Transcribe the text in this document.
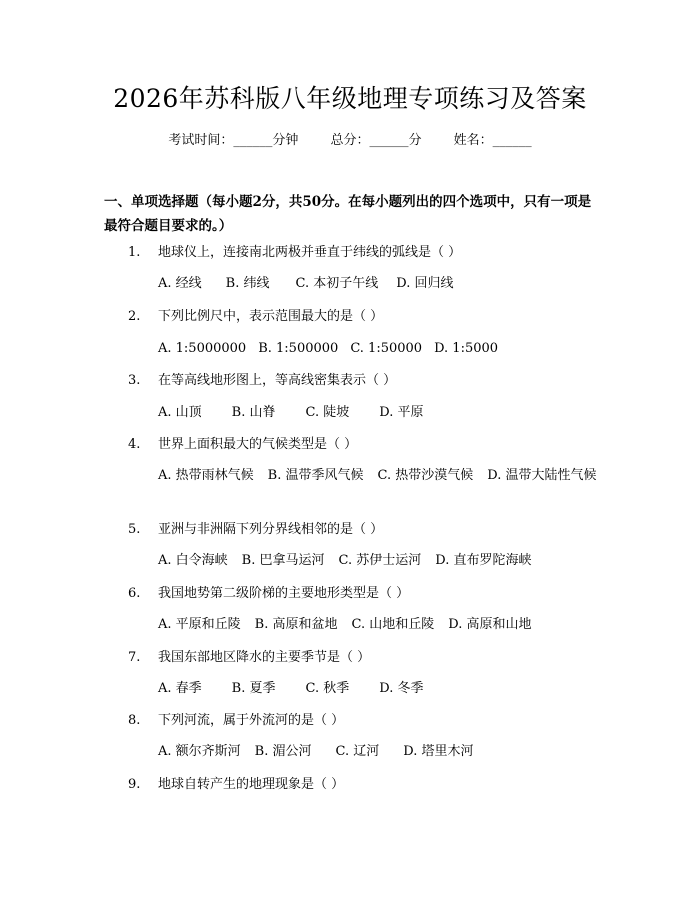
2026年苏科版八年级地理专项练习及答案
考试时间：______分钟 总分：______分 姓名：______
一、单项选择题（每小题2分，共50分。在每小题列出的四个选项中，只有一项是最符合题目要求的。）
1.	地球仪上，连接南北两极并垂直于纬线的弧线是（ ）
A. 经线 B. 纬线 C. 本初子午线 D. 回归线
2.	下列比例尺中，表示范围最大的是（ ）
A. 1:5000000 B. 1:500000 C. 1:50000 D. 1:5000
3.	在等高线地形图上，等高线密集表示（ ）
A. 山顶 B. 山脊 C. 陡坡 D. 平原
4.	世界上面积最大的气候类型是（ ）
A. 热带雨林气候 B. 温带季风气候 C. 热带沙漠气候 D. 温带大陆性气候
5.	亚洲与非洲隔下列分界线相邻的是（ ）
A. 白令海峡 B. 巴拿马运河 C. 苏伊士运河 D. 直布罗陀海峡
6.	我国地势第二级阶梯的主要地形类型是（ ）
A. 平原和丘陵 B. 高原和盆地 C. 山地和丘陵 D. 高原和山地
7.	我国东部地区降水的主要季节是（ ）
A. 春季 B. 夏季 C. 秋季 D. 冬季
8.	下列河流，属于外流河的是（ ）
A. 额尔齐斯河 B. 湄公河 C. 辽河 D. 塔里木河
9.	地球自转产生的地理现象是（ ）
